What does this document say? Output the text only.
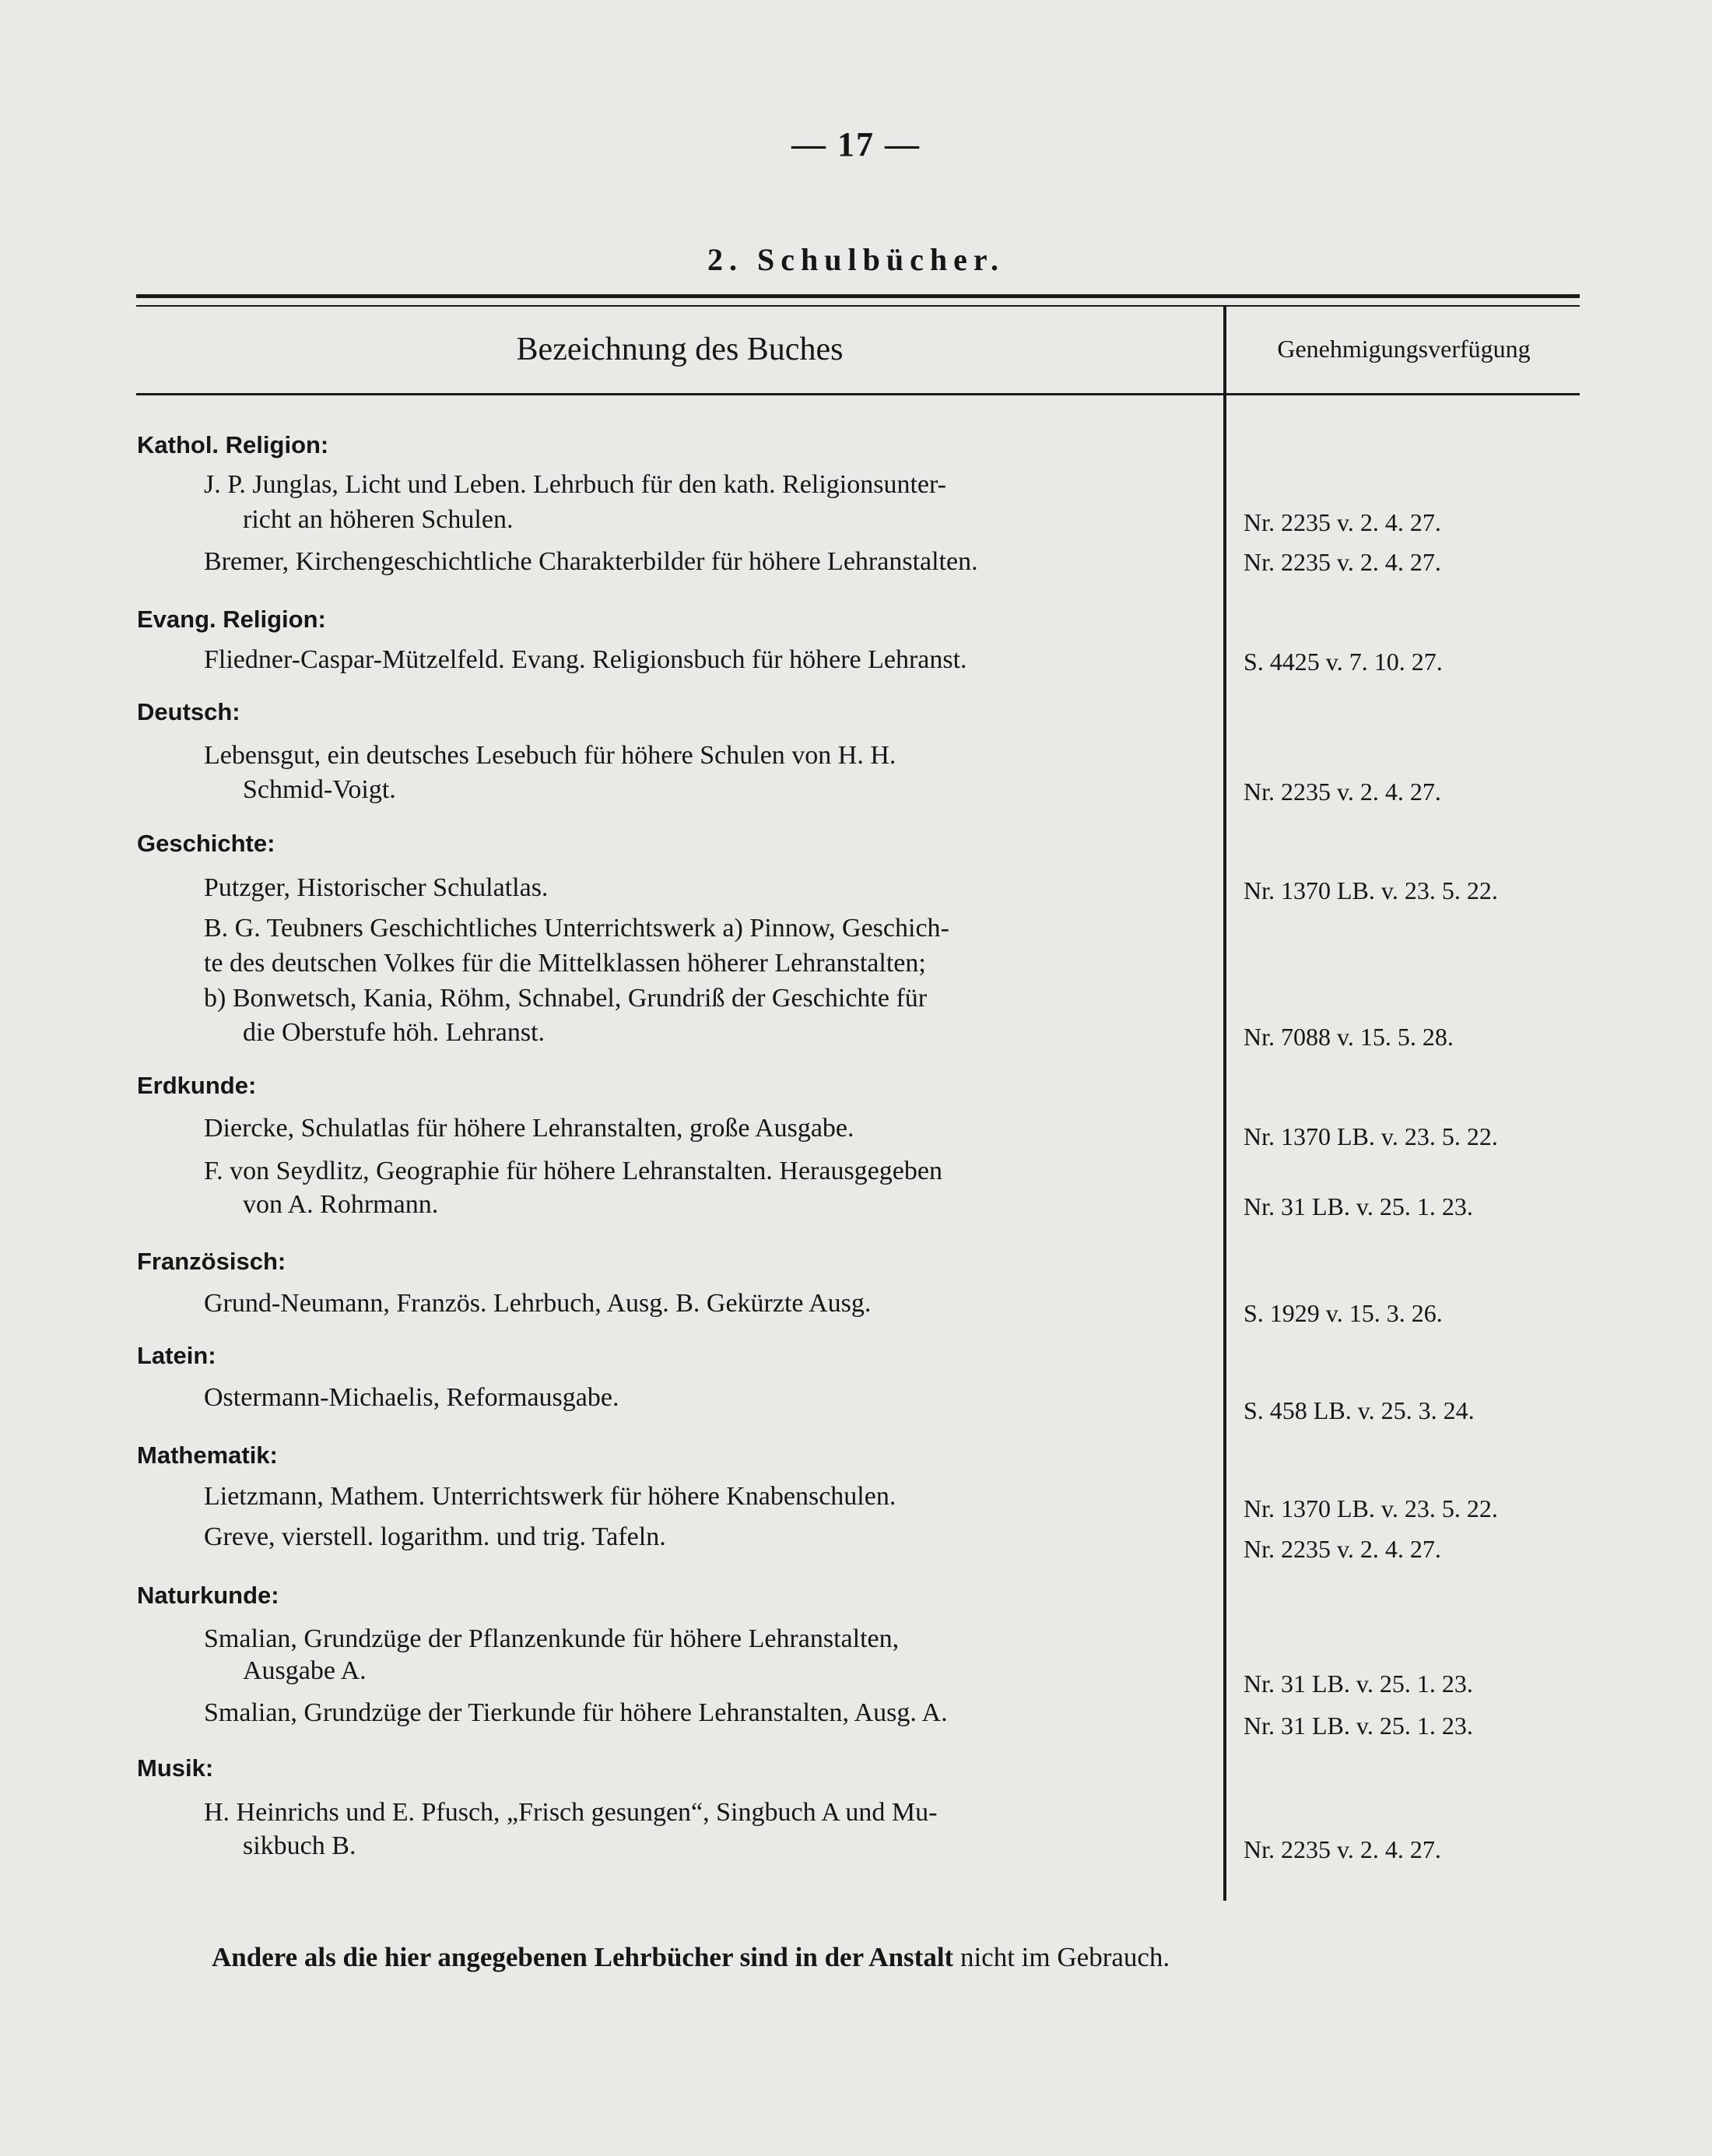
— 17 —
2. Schulbücher.
Bezeichnung des Buches	Genehmigungsverfügung
Kathol. Religion:
J. P. Junglas, Licht und Leben. Lehrbuch für den kath. Religionsunter-
richt an höheren Schulen.	Nr. 2235 v. 2. 4. 27.
Bremer, Kirchengeschichtliche Charakterbilder für höhere Lehranstalten.	Nr. 2235 v. 2. 4. 27.
Evang. Religion:
Fliedner-Caspar-Mützelfeld. Evang. Religionsbuch für höhere Lehranst.	S. 4425 v. 7. 10. 27.
Deutsch:
Lebensgut, ein deutsches Lesebuch für höhere Schulen von H. H.
Schmid-Voigt.	Nr. 2235 v. 2. 4. 27.
Geschichte:
Putzger, Historischer Schulatlas.	Nr. 1370 LB. v. 23. 5. 22.
B. G. Teubners Geschichtliches Unterrichtswerk a) Pinnow, Geschich-
te des deutschen Volkes für die Mittelklassen höherer Lehranstalten;
b) Bonwetsch, Kania, Röhm, Schnabel, Grundriß der Geschichte für
die Oberstufe höh. Lehranst.	Nr. 7088 v. 15. 5. 28.
Erdkunde:
Diercke, Schulatlas für höhere Lehranstalten, große Ausgabe.	Nr. 1370 LB. v. 23. 5. 22.
F. von Seydlitz, Geographie für höhere Lehranstalten. Herausgegeben
von A. Rohrmann.	Nr. 31 LB. v. 25. 1. 23.
Französisch:
Grund-Neumann, Französ. Lehrbuch, Ausg. B. Gekürzte Ausg.	S. 1929 v. 15. 3. 26.
Latein:
Ostermann-Michaelis, Reformausgabe.	S. 458 LB. v. 25. 3. 24.
Mathematik:
Lietzmann, Mathem. Unterrichtswerk für höhere Knabenschulen.	Nr. 1370 LB. v. 23. 5. 22.
Greve, vierstell. logarithm. und trig. Tafeln.	Nr. 2235 v. 2. 4. 27.
Naturkunde:
Smalian, Grundzüge der Pflanzenkunde für höhere Lehranstalten,
Ausgabe A.	Nr. 31 LB. v. 25. 1. 23.
Smalian, Grundzüge der Tierkunde für höhere Lehranstalten, Ausg. A.	Nr. 31 LB. v. 25. 1. 23.
Musik:
H. Heinrichs und E. Pfusch, „Frisch gesungen“, Singbuch A und Mu-
sikbuch B.	Nr. 2235 v. 2. 4. 27.
Andere als die hier angegebenen Lehrbücher sind in der Anstalt nicht im Gebrauch.
